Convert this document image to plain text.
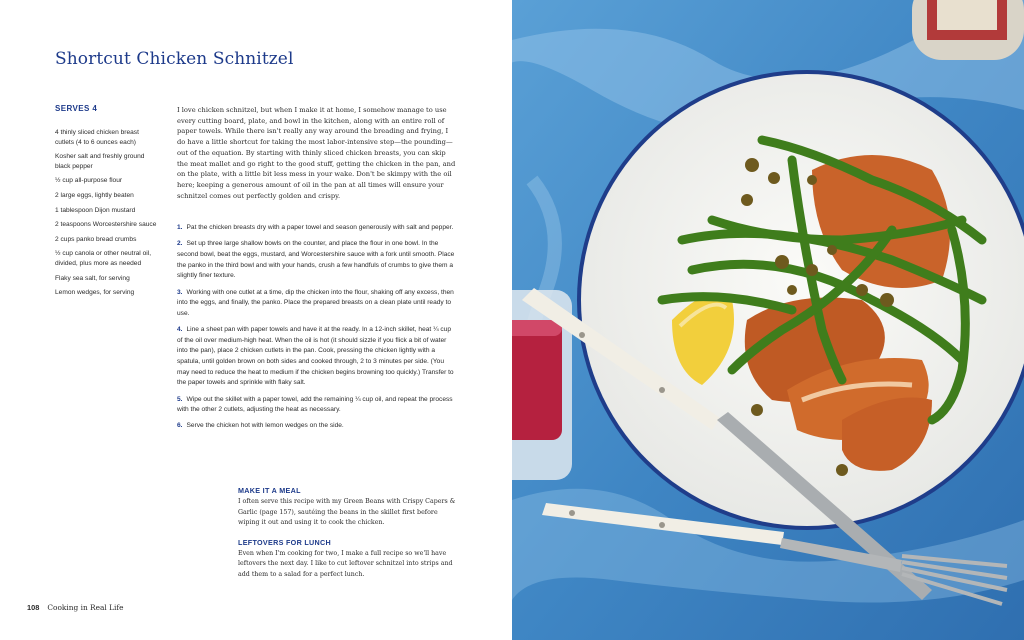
Shortcut Chicken Schnitzel
SERVES 4
4 thinly sliced chicken breast cutlets (4 to 6 ounces each)
Kosher salt and freshly ground black pepper
½ cup all-purpose flour
2 large eggs, lightly beaten
1 tablespoon Dijon mustard
2 teaspoons Worcestershire sauce
2 cups panko bread crumbs
½ cup canola or other neutral oil, divided, plus more as needed
Flaky sea salt, for serving
Lemon wedges, for serving

I love chicken schnitzel, but when I make it at home, I somehow manage to use every cutting board, plate, and bowl in the kitchen, along with an entire roll of paper towels. While there isn't really any way around the breading and frying, I do have a little shortcut for taking the most labor-intensive step—the pounding—out of the equation. By starting with thinly sliced chicken breasts, you can skip the meat mallet and go right to the good stuff, getting the chicken in the pan, and on the plate, with a little bit less mess in your wake. Don't be skimpy with the oil here; keeping a generous amount of oil in the pan at all times will ensure your schnitzel comes out perfectly golden and crispy.

1. Pat the chicken breasts dry with a paper towel and season generously with salt and pepper.
2. Set up three large shallow bowls on the counter, and place the flour in one bowl. In the second bowl, beat the eggs, mustard, and Worcestershire sauce with a fork until smooth. Place the panko in the third bowl and with your hands, crush a few handfuls of crumbs to give them a slightly finer texture.
3. Working with one cutlet at a time, dip the chicken into the flour, shaking off any excess, then into the eggs, and finally, the panko. Place the prepared breasts on a clean plate until ready to use.
4. Line a sheet pan with paper towels and have it at the ready. In a 12-inch skillet, heat ¼ cup of the oil over medium-high heat. When the oil is hot (it should sizzle if you flick a bit of water into the pan), place 2 chicken cutlets in the pan. Cook, pressing the chicken lightly with a spatula, until golden brown on both sides and cooked through, 2 to 3 minutes per side. (You may need to reduce the heat to medium if the chicken begins browning too quickly.) Transfer to the paper towels and sprinkle with flaky salt.
5. Wipe out the skillet with a paper towel, add the remaining ¼ cup oil, and repeat the process with the other 2 cutlets, adjusting the heat as necessary.
6. Serve the chicken hot with lemon wedges on the side.
MAKE IT A MEAL

I often serve this recipe with my Green Beans with Crispy Capers & Garlic (page 157), sautéing the beans in the skillet first before wiping it out and using it to cook the chicken.

LEFTOVERS FOR LUNCH

Even when I'm cooking for two, I make a full recipe so we'll have leftovers the next day. I like to cut leftover schnitzel into strips and add them to a salad for a perfect lunch.

108 Cooking in Real Life
